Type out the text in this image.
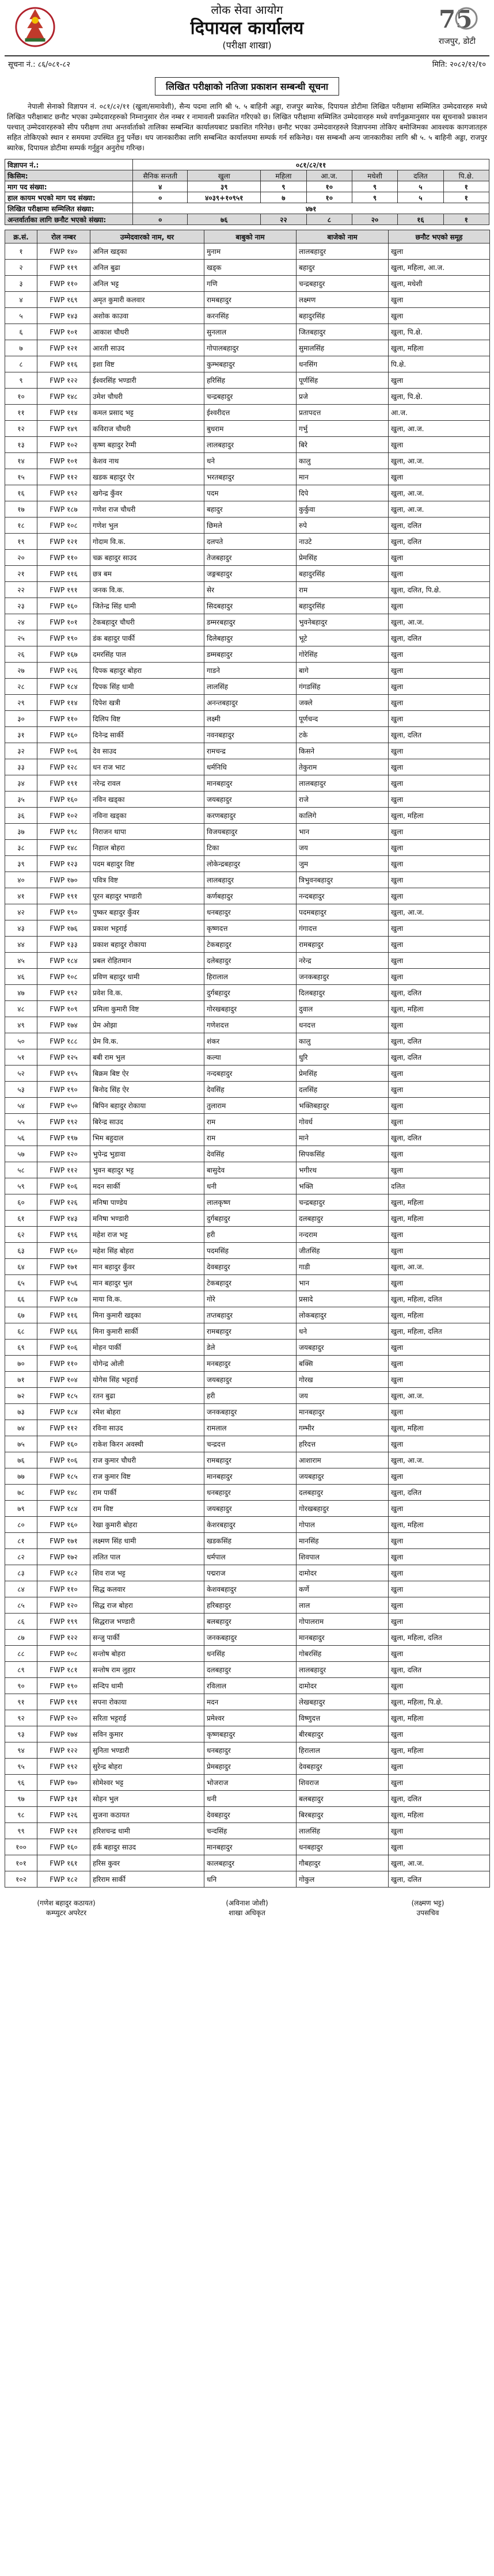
लोक सेवा आयोग
दिपायल कार्यालय
(परीक्षा शाखा)
75
राजपुर, डोटी
सूचना नं.: ८६/०८१-८२	मिति: २०८२/१२/१०
लिखित परीक्षाको नतिजा प्रकाशन सम्बन्धी सूचना

नेपाली सेनाको विज्ञापन नं. ०८१/८२/११ (खुला/समावेशी), सैन्य पदमा लागि श्री ५. ५ बाहिनी अड्डा, राजपुर ब्यारेक, दिपायल डोटीमा लिखित परीक्षामा सम्मिलित उम्मेदवारहरु मध्ये लिखित परीक्षाबाट छनौट भएका उम्मेदवारहरुको निम्नानुसार रोल नम्बर र नामावली प्रकाशित गरिएको छ। लिखित परीक्षामा सम्मिलित उम्मेदवारहरु मध्ये वर्णानुक्रमानुसार यस सूचनाको प्रकाशन पश्चात् उम्मेदवारहरुको सीप परीक्षण तथा अन्तर्वार्ताको तालिका सम्बन्धित कार्यालयबाट प्रकाशित गरिनेछ। छनौट भएका उम्मेदवारहरुले विज्ञापनमा तोकिए बमोजिमका आवश्यक कागजातहरु सहित तोकिएको स्थान र समयमा उपस्थित हुनु पर्नेछ। थप जानकारीका लागि सम्बन्धित कार्यालयमा सम्पर्क गर्न सकिनेछ। यस सम्बन्धी अन्य जानकारीका लागि श्री ५. ५ बाहिनी अड्डा, राजपुर ब्यारेक, दिपायल डोटीमा सम्पर्क गर्नुहुन अनुरोध गरिन्छ।

विज्ञापन नं.:	०८१/८२/११						
किसिम:	सैनिक सन्तती	खुला	महिला	आ.ज.	मधेशी	दलित	पि.क्षे.
माग पद संख्या:	४	३९	९	१०	९	५	१
हाल कायम भएको माग पद संख्या:	०	४०३९+१०९५१	७	१०	९	५	१
लिखित परीक्षामा सम्मिलित संख्या:	४७१						
अन्तर्वार्ताका लागि छनौट भएको संख्या:	०	७६	२२	८	२०	१६	१
क्र.सं.	रोल नम्बर	उम्मेदवारको नाम, थर	बाबुको नाम	बाजेको नाम	छनौट भएको समूह
१	FWP १४०	अनिल खड्का	मुनाम	लालबहादुर	खुला
२	FWP ११९	अनिल बुढा	खड्क	बहादुर	खुला, महिला, आ.ज.
३	FWP ११०	अनिल भट्ट	गणि	चन्द्रबहादुर	खुला, मधेशी
४	FWP १६९	अमृत कुमारी कलवार	रामबहादुर	लक्ष्मण	खुला
५	FWP १४३	अशोक काउवा	करनसिंह	बहादुरसिंह	खुला
६	FWP १०१	आकाश चौधरी	सुनलाल	जितबहादुर	खुला, पि.क्षे.
७	FWP १२१	आरती साउद	गोपालबहादुर	सुमालसिंह	खुला, महिला
८	FWP ११६	इशा विष्ट	कुम्भबहादुर	धनसिंग	पि.क्षे.
९	FWP १२२	ईश्वरसिंह भण्डारी	हरिसिंह	पूर्णसिंह	खुला
१०	FWP १४८	उमेश चौधरी	चन्द्रबहादुर	प्रजे	खुला, पि.क्षे.
११	FWP ११४	कमल प्रसाद भट्ट	ईश्वरीदत्त	प्रतापदत्त	आ.ज.
१२	FWP १४९	कविराज चौधरी	बुधराम	गर्भु	खुला, आ.ज.
१३	FWP १०२	कृष्ण बहादुर रेग्मी	लालबहादुर	बिरे	खुला
१४	FWP १०१	केशव नाथ	धने	कालु	खुला, आ.ज.
१५	FWP ११२	खडक बहादुर ऐर	भरतबहादुर	मान	खुला
१६	FWP १९२	खगेन्द्र कुँवर	पदम	दिपे	खुला, आ.ज.
१७	FWP १८७	गणेश राज चौधरी	बहादुर	कुर्कुवा	खुला, आ.ज.
१८	FWP १०८	गणेश भुल	छिमले	रुपे	खुला, दलित
१९	FWP १२१	गोदाम वि.क.	दलपते	नाउटे	खुला, दलित
२०	FWP ११०	चक्र बहादुर साउद	तेजबहादुर	प्रेमसिंह	खुला
२१	FWP ११६	छत्र बम	जङ्गबहादुर	बहादुरसिंह	खुला
२२	FWP १९१	जनक वि.क.	सेर	राम	खुला, दलित, पि.क्षे.
२३	FWP १६०	जितेन्द्र सिंह धामी	सिदबहादुर	बहादुरसिंह	खुला
२४	FWP १०१	टेकबहादुर चौधरी	डम्मरबहादुर	भुवनेबहादुर	खुला, आ.ज.
२५	FWP १९०	डंक बहादुर पार्की	दिलेबहादुर	भूटे	खुला, दलित
२६	FWP १६७	दमरसिंह पाल	डम्मबहादुर	गोरेसिंह	खुला
२७	FWP १२६	दिपक बहादुर बोहरा	गाडने	बागे	खुला
२८	FWP १८४	दिपक सिंह धामी	लालसिंह	गंगडसिंह	खुला
२९	FWP ११४	दिपेश खत्री	अनन्तबहादुर	जक्ले	खुला
३०	FWP ११०	दिलिप विष्ट	लक्ष्मी	पूर्णचन्द	खुला
३१	FWP १६०	दिनेन्द्र सार्की	नवनबहादुर	टके	खुला, दलित
३२	FWP १०६	देव साउद	रामचन्द्र	किसने	खुला
३३	FWP १२८	धन राज भाट	धर्मनिधि	तेकुराम	खुला
३४	FWP १९१	नरेन्द्र रावल	मानबहादुर	लालबहादुर	खुला
३५	FWP १६०	नविन खड्का	जयबहादुर	राजे	खुला
३६	FWP १०२	नविना खड्का	करणबहादुर	कालिगे	खुला, महिला
३७	FWP १९८	निराजन थापा	विजयबहादुर	भान	खुला
३८	FWP १४८	निहाल बोहरा	टिका	जय	खुला
३९	FWP १२३	पदम बहादुर विष्ट	लोकेन्द्रबहादुर	जुम	खुला
४०	FWP १७०	पवित्र विष्ट	लालबहादुर	त्रिभुवनबहादुर	खुला
४१	FWP १९१	पूरन बहादुर भण्डारी	कर्णबहादुर	नन्दबहादुर	खुला
४२	FWP १९०	पुष्कर बहादुर कुँवर	धनबहादुर	पदमबहादुर	खुला, आ.ज.
४३	FWP १७६	प्रकाश भट्टराई	कृष्णदत्त	गंगादत्त	खुला
४४	FWP १३३	प्रकाश बहादुर रोकाया	टेकबहादुर	रामबहादुर	खुला
४५	FWP १८४	प्रबल रोहितमान	दलेबहादुर	नरेन्द्र	खुला
४६	FWP १०८	प्रविण बहादुर धामी	हिरालाल	जनकबहादुर	खुला
४७	FWP १९२	प्रवेश वि.क.	दुर्गबहादुर	दिलबहादुर	खुला, दलित
४८	FWP १०९	प्रमिला कुमारी विष्ट	गोरखबहादुर	दुवाल	खुला, महिला
४९	FWP १७४	प्रेम ओझा	गणेशदत्त	धनदत्त	खुला
५०	FWP १८८	प्रेम वि.क.	शंकर	कालु	खुला, दलित
५१	FWP १२५	बबी राम भुल	कल्या	धुरि	खुला, दलित
५२	FWP १९५	बिक्रम बिष्ट ऐर	नन्दबहादुर	प्रेमसिंह	खुला
५३	FWP १९०	बिनोद सिंह ऐर	देवसिंह	दलसिंह	खुला
५४	FWP १५०	बिपिन बहादुर रोकाया	तुलाराम	भक्तिबहादुर	खुला
५५	FWP १९२	बिरेन्द्र साउद	राम	गोवर्ध	खुला
५६	FWP १९७	भिम बहुदाल	राम	माने	खुला, दलित
५७	FWP १२०	भुपेन्द्र भुडावा	देवसिंह	सिपकसिंह	खुला
५८	FWP ११२	भुवन बहादुर भट्ट	बासुदेव	भगीरथ	खुला
५९	FWP १०६	मदन सार्की	धनी	भक्ति	दलित
६०	FWP १२६	मनिषा पाण्डेय	लालकृष्ण	चन्द्रबहादुर	खुला, महिला
६१	FWP १४३	मनिषा भण्डारी	दुर्गबहादुर	दलबहादुर	खुला, महिला
६२	FWP १९६	महेश राज भट्ट	हरी	नन्दराम	खुला
६३	FWP १६०	महेश सिंह बोहरा	पदमसिंह	जीतसिंह	खुला
६४	FWP १७१	मान बहादुर कुँवर	देवबहादुर	गाडी	खुला, आ.ज.
६५	FWP १५६	मान बहादुर भुल	टेकबहादुर	भान	खुला
६६	FWP १८७	माया वि.क.	गोरे	प्रसादे	खुला, महिला, दलित
६७	FWP ११६	मिना कुमारी खड्का	तप्तबहादुर	लोकबहादुर	खुला, महिला
६८	FWP १६६	मिना कुमारी सार्की	रामबहादुर	धने	खुला, महिला, दलित
६९	FWP १०६	मोहन पार्की	डेले	जयबहादुर	खुला
७०	FWP ११०	योगेन्द्र ओली	मनबहादुर	बक्सि	खुला
७१	FWP १०४	योगेस सिंह भट्टराई	जयबहादुर	गोरख	खुला
७२	FWP १८५	रतन बुढा	हरी	जय	खुला, आ.ज.
७३	FWP १८४	रमेश बोहरा	जनकबहादुर	मानबहादुर	खुला
७४	FWP ११२	रविना साउद	रामलाल	गम्भीर	खुला, महिला
७५	FWP १६०	राकेश किरन अवस्थी	चन्द्रदत्त	हरिदत्त	खुला
७६	FWP १०६	राज कुमार चौधरी	रामबहादुर	आशाराम	खुला, आ.ज.
७७	FWP १८५	राज कुमार विष्ट	मानबहादुर	जयबहादुर	खुला
७८	FWP १४८	राम पार्की	धनबहादुर	दलबहादुर	खुला, दलित
७९	FWP १८४	राम विष्ट	जयबहादुर	गोरखबहादुर	खुला
८०	FWP १६०	रेखा कुमारी बोहरा	केशरबहादुर	गोपाल	खुला, महिला
८१	FWP १७१	लक्ष्मण सिंह धामी	खडकसिंह	मानसिंह	खुला
८२	FWP १७२	ललित पाल	धर्मपाल	शिवपाल	खुला
८३	FWP १८२	शिव राज भट्ट	पद्मराज	दामोदर	खुला
८४	FWP ११०	सिद्ध कलवार	केशवबहादुर	कर्णे	खुला
८५	FWP १२०	सिद्ध राज बोहरा	हरिबहादुर	लाल	खुला
८६	FWP १९९	सिद्धराज भण्डारी	बलबहादुर	गोपालराम	खुला
८७	FWP १२२	सन्जु पार्की	जनकबहादुर	मानबहादुर	खुला, महिला, दलित
८८	FWP १०८	सन्तोष बोहरा	धनसिंह	गोबरसिंह	खुला
८९	FWP १८१	सन्तोष राम लुहार	दलबहादुर	लालबहादुर	खुला, दलित
९०	FWP १९०	सन्दिप धामी	रविलाल	दामोदर	खुला
९१	FWP १९१	सपना रोकाया	मदन	लेखबहादुर	खुला, महिला, पि.क्षे.
९२	FWP १२०	सरिता भट्टराई	प्रमेश्वर	विष्णुदत्त	खुला, महिला
९३	FWP १७४	सविन कुमार	कृष्णबहादुर	बीरबहादुर	खुला
९४	FWP १२२	सुनिता भण्डारी	धनबहादुर	हिरालाल	खुला, महिला
९५	FWP १९२	सुरेन्द्र बोहरा	प्रेमबहादुर	देवबहादुर	खुला
९६	FWP १७०	सोमेश्वर भट्ट	भोजराज	शिवराज	खुला
९७	FWP १३१	सोहन भुल	धनी	बलबहादुर	खुला, दलित
९८	FWP १२६	सुजना कठायत	देवबहादुर	बिरबहादुर	खुला, महिला
९९	FWP १२१	हरिशचन्द्र धामी	चन्दसिंह	लालसिंह	खुला
१००	FWP १६०	हर्क बहादुर साउद	मानबहादुर	धनबहादुर	खुला
१०१	FWP १६१	हरिस कुवर	कालबहादुर	गौबहादुर	खुला, आ.ज.
१०२	FWP १८२	हरिराम सार्की	धनि	गोकुल	खुला, दलित
(गणेश बहादुर कठायत)
कम्प्युटर अपरेटर
(अविनाश जोशी)
शाखा अधिकृत
(लक्ष्मण भट्ट)
उपसचिव
